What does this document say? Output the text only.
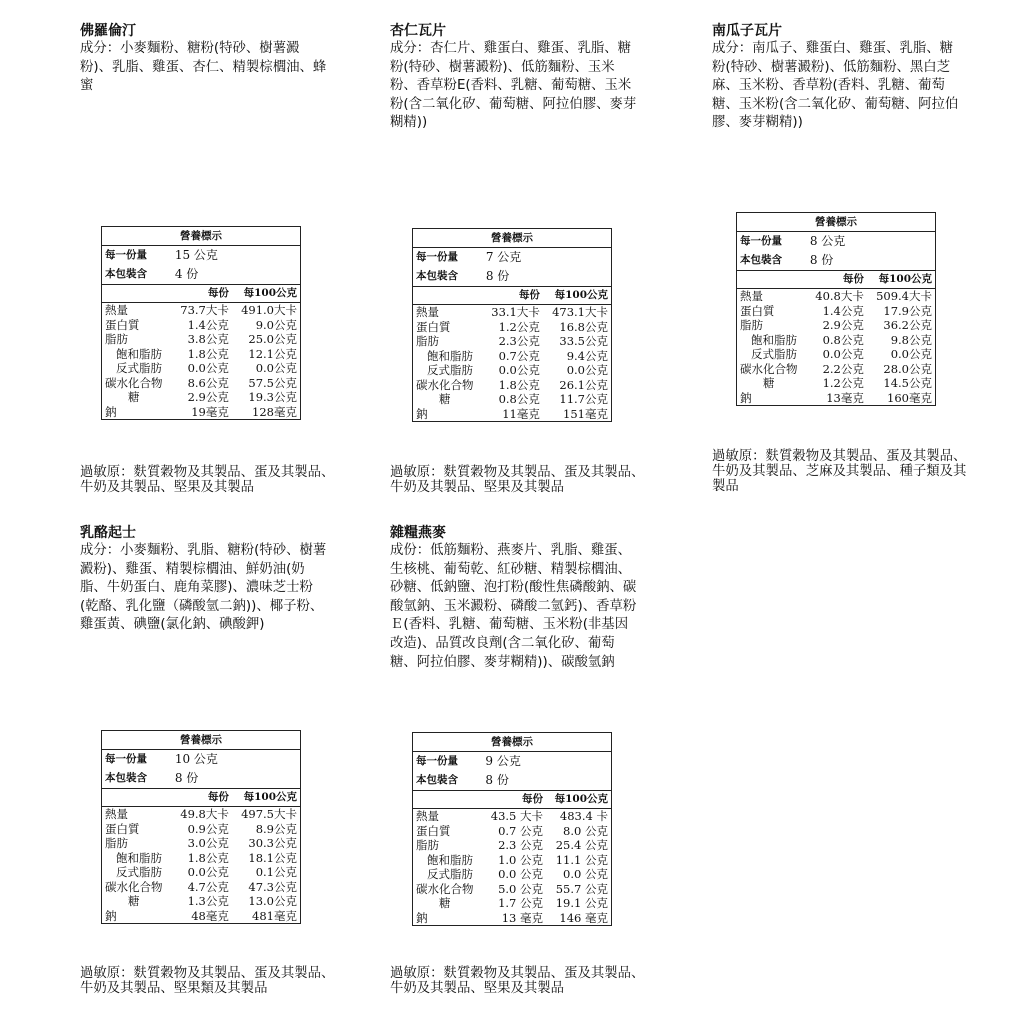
佛羅倫汀

成分：小麥麵粉、糖粉(特砂、樹薯澱粉)、乳脂、雞蛋、杏仁、精製棕櫚油、蜂蜜

營養標示		
每一份量	15 公克	
本包裝含	4 份	
	每份	每100公克
熱量	73.7大卡	491.0大卡
蛋白質	1.4公克	9.0公克
脂肪	3.8公克	25.0公克
飽和脂肪	1.8公克	12.1公克
反式脂肪	0.0公克	0.0公克
碳水化合物	8.6公克	57.5公克
糖	2.9公克	19.3公克
鈉	19毫克	128毫克
過敏原：麩質穀物及其製品、蛋及其製品、牛奶及其製品、堅果及其製品

杏仁瓦片

成分：杏仁片、雞蛋白、雞蛋、乳脂、糖粉(特砂、樹薯澱粉)、低筋麵粉、玉米粉、香草粉E(香料、乳糖、葡萄糖、玉米粉(含二氧化矽、葡萄糖、阿拉伯膠、麥芽糊精))

營養標示		
每一份量	7 公克	
本包裝含	8 份	
	每份	每100公克
熱量	33.1大卡	473.1大卡
蛋白質	1.2公克	16.8公克
脂肪	2.3公克	33.5公克
飽和脂肪	0.7公克	9.4公克
反式脂肪	0.0公克	0.0公克
碳水化合物	1.8公克	26.1公克
糖	0.8公克	11.7公克
鈉	11毫克	151毫克
過敏原：麩質穀物及其製品、蛋及其製品、牛奶及其製品、堅果及其製品

南瓜子瓦片

成分：南瓜子、雞蛋白、雞蛋、乳脂、糖粉(特砂、樹薯澱粉)、低筋麵粉、黑白芝麻、玉米粉、香草粉(香料、乳糖、葡萄糖、玉米粉(含二氧化矽、葡萄糖、阿拉伯膠、麥芽糊精))

營養標示		
每一份量	8 公克	
本包裝含	8 份	
	每份	每100公克
熱量	40.8大卡	509.4大卡
蛋白質	1.4公克	17.9公克
脂肪	2.9公克	36.2公克
飽和脂肪	0.8公克	9.8公克
反式脂肪	0.0公克	0.0公克
碳水化合物	2.2公克	28.0公克
糖	1.2公克	14.5公克
鈉	13毫克	160毫克
過敏原：麩質穀物及其製品、蛋及其製品、牛奶及其製品、芝麻及其製品、種子類及其製品

乳酪起士

成分：小麥麵粉、乳脂、糖粉(特砂、樹薯澱粉)、雞蛋、精製棕櫚油、鮮奶油(奶脂、牛奶蛋白、鹿角菜膠)、濃味芝士粉(乾酪、乳化鹽（磷酸氫二鈉))、椰子粉、雞蛋黃、碘鹽(氯化鈉、碘酸鉀)

營養標示		
每一份量	10 公克	
本包裝含	8 份	
	每份	每100公克
熱量	49.8大卡	497.5大卡
蛋白質	0.9公克	8.9公克
脂肪	3.0公克	30.3公克
飽和脂肪	1.8公克	18.1公克
反式脂肪	0.0公克	0.1公克
碳水化合物	4.7公克	47.3公克
糖	1.3公克	13.0公克
鈉	48毫克	481毫克
過敏原：麩質穀物及其製品、蛋及其製品、牛奶及其製品、堅果類及其製品

雜糧燕麥

成份：低筋麵粉、燕麥片、乳脂、雞蛋、生核桃、葡萄乾、紅砂糖、精製棕櫚油、砂糖、低鈉鹽、泡打粉(酸性焦磷酸鈉、碳酸氫鈉、玉米澱粉、磷酸二氫鈣)、香草粉Ｅ(香料、乳糖、葡萄糖、玉米粉(非基因改造)、品質改良劑(含二氧化矽、葡萄糖、阿拉伯膠、麥芽糊精))、碳酸氫鈉

營養標示		
每一份量	9 公克	
本包裝含	8 份	
	每份	每100公克
熱量	43.5 大卡	483.4 卡
蛋白質	0.7 公克	8.0 公克
脂肪	2.3 公克	25.4 公克
飽和脂肪	1.0 公克	11.1 公克
反式脂肪	0.0 公克	0.0 公克
碳水化合物	5.0 公克	55.7 公克
糖	1.7 公克	19.1 公克
鈉	13 毫克	146 毫克
過敏原：麩質穀物及其製品、蛋及其製品、牛奶及其製品、堅果及其製品
